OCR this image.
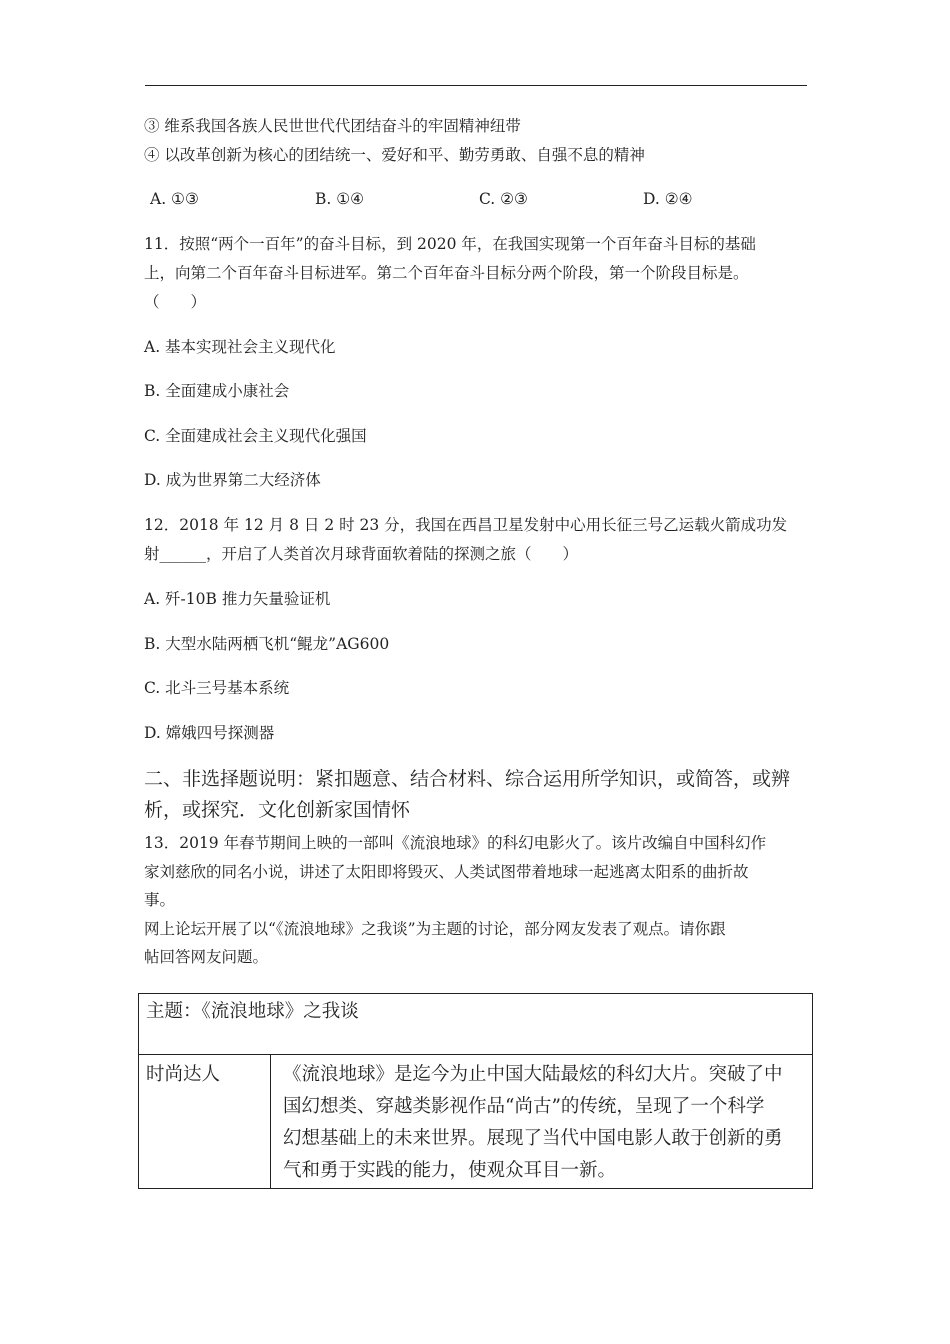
③ 维系我国各族人民世世代代团结奋斗的牢固精神纽带
④ 以改革创新为核心的团结统一、爱好和平、勤劳勇敢、自强不息的精神
A. ①③	B. ①④	C. ②③	D. ②④
11．按照“两个一百年”的奋斗目标，到 2020 年，在我国实现第一个百年奋斗目标的基础
上，向第二个百年奋斗目标进军。第二个百年奋斗目标分两个阶段，第一个阶段目标是。
（　　）
A. 基本实现社会主义现代化
B. 全面建成小康社会
C. 全面建成社会主义现代化强国
D. 成为世界第二大经济体
12．2018 年 12 月 8 日 2 时 23 分，我国在西昌卫星发射中心用长征三号乙运载火箭成功发
射______，开启了人类首次月球背面软着陆的探测之旅（　　）
A. 歼-10B 推力矢量验证机
B. 大型水陆两栖飞机“鲲龙”AG600
C. 北斗三号基本系统
D. 嫦娥四号探测器
二、非选择题说明：紧扣题意、结合材料、综合运用所学知识，或简答，或辨
析，或探究．文化创新家国情怀
13．2019 年春节期间上映的一部叫《流浪地球》的科幻电影火了。该片改编自中国科幻作
家刘慈欣的同名小说，讲述了太阳即将毁灭、人类试图带着地球一起逃离太阳系的曲折故
事。
网上论坛开展了以“《流浪地球》之我谈”为主题的讨论，部分网友发表了观点。请你跟
帖回答网友问题。
主题：《流浪地球》之我谈
时尚达人	《流浪地球》是迄今为止中国大陆最炫的科幻大片。突破了中
国幻想类、穿越类影视作品“尚古”的传统，呈现了一个科学
幻想基础上的未来世界。展现了当代中国电影人敢于创新的勇
气和勇于实践的能力，使观众耳目一新。
